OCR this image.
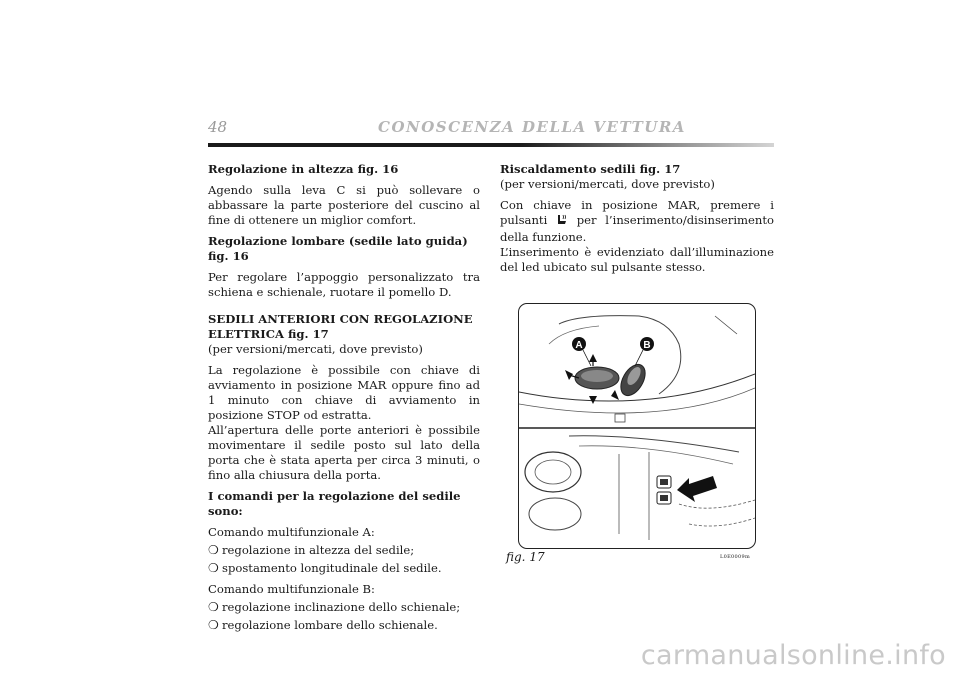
48	CONOSCENZA DELLA VETTURA

Regolazione in altezza fig. 16

Agendo sulla leva C si può sollevare o abbassare la parte posteriore del cuscino al fine di ottenere un miglior comfort.

Regolazione lombare (sedile lato guida) fig. 16

Per regolare l’appoggio personalizzato tra schiena e schienale, ruotare il pomello D.

SEDILI ANTERIORI CON REGOLAZIONE

ELETTRICA fig. 17

(per versioni/mercati, dove previsto)

La regolazione è possibile con chiave di avviamento in posizione MAR oppure fino ad 1 minuto con chiave di avviamento in posizione STOP od estratta.

All’apertura delle porte anteriori è possibile movimentare il sedile posto sul lato della porta che è stata aperta per circa 3 minuti, o fino alla chiusura della porta.

I comandi per la regolazione del sedile sono:

Comando multifunzionale A:

❍ regolazione in altezza del sedile;
❍ spostamento longitudinale del sedile.

Comando multifunzionale B:

❍ regolazione inclinazione dello schienale;
❍ regolazione lombare dello schienale.

Riscaldamento sedili fig. 17

(per versioni/mercati, dove previsto)

Con chiave in posizione MAR, premere i pulsanti	per l’inserimento/disinserimento della funzione.

L’inserimento è evidenziato dall’illuminazione del led ubicato sul pulsante stesso.

A	B
fig. 17	L0E0009m
carmanualsonline.info
